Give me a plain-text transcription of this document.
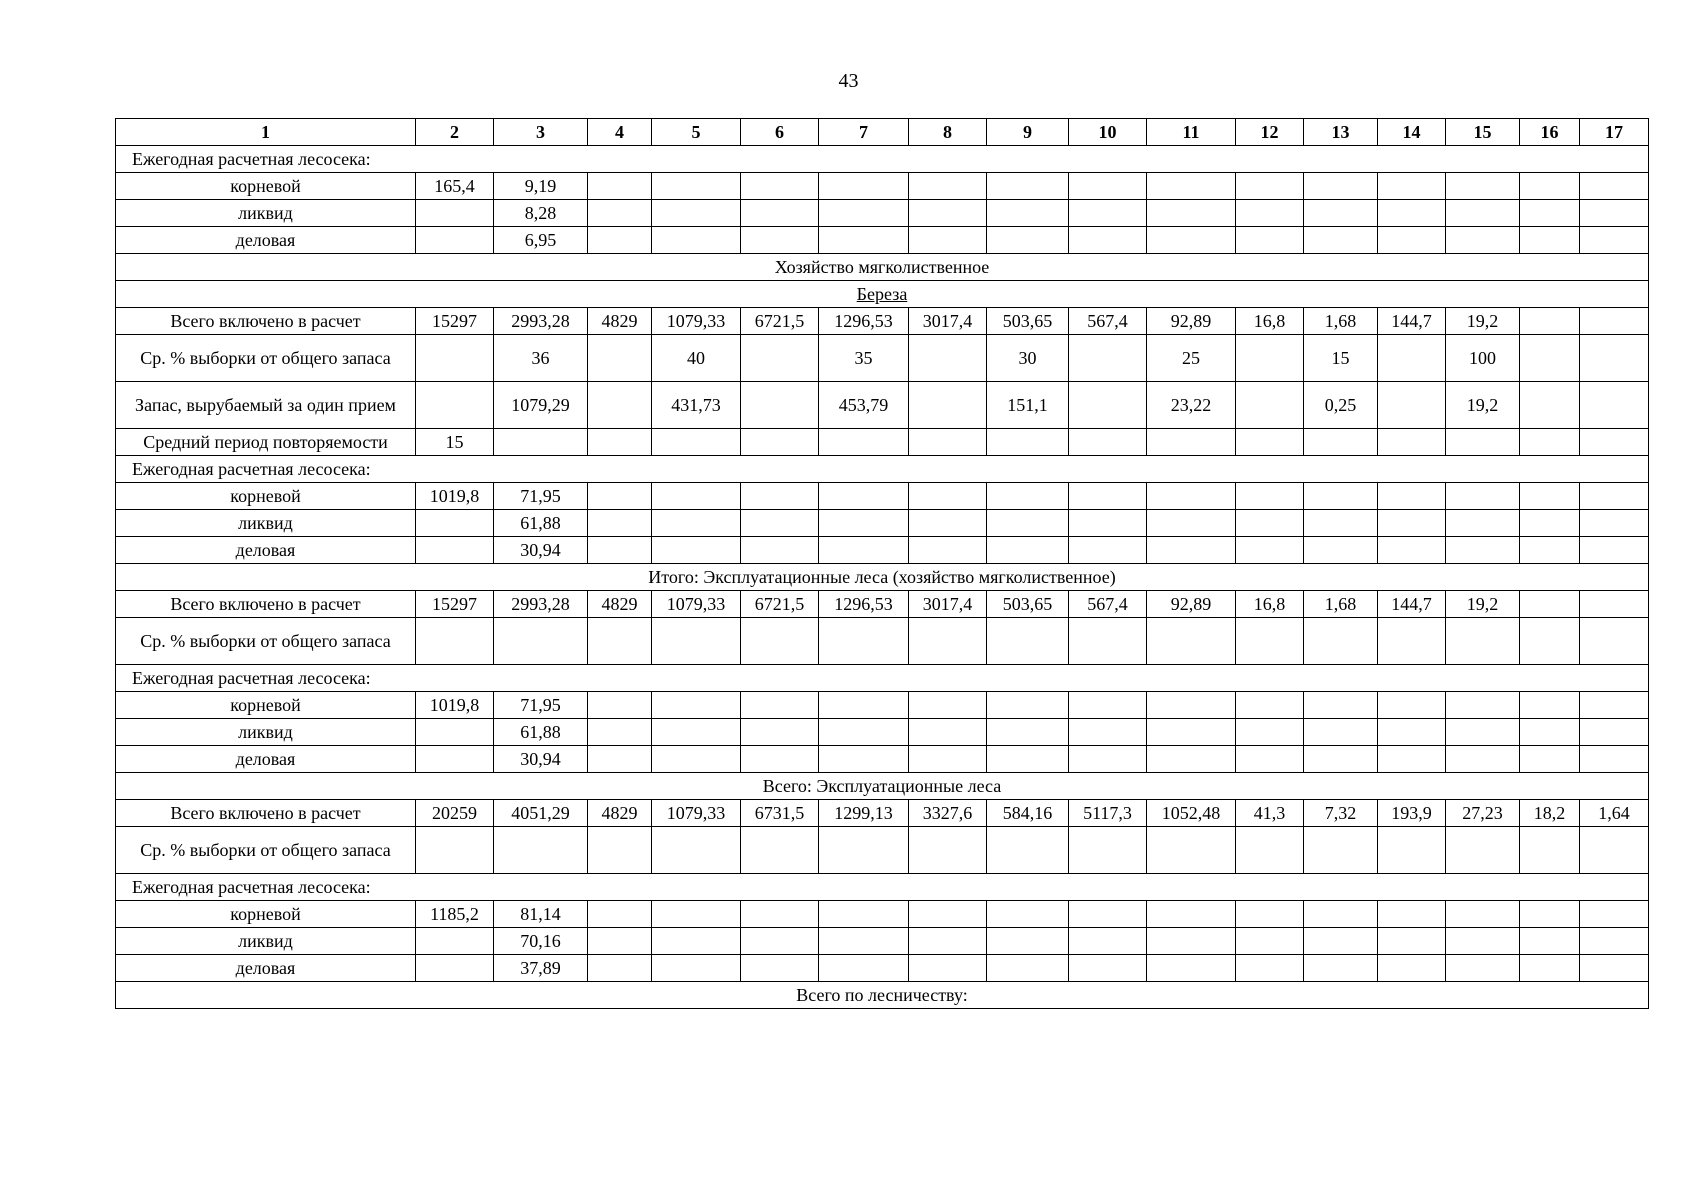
43
1	2	3	4	5	6	7	8	9	10	11	12	13	14	15	16	17
Ежегодная расчетная лесосека:																
корневой	165,4	9,19														
ликвид		8,28														
деловая		6,95														
Хозяйство мягколиственное																
Береза																
Всего включено в расчет	15297	2993,28	4829	1079,33	6721,5	1296,53	3017,4	503,65	567,4	92,89	16,8	1,68	144,7	19,2		
Ср. % выборки от общего запаса		36		40		35		30		25		15		100		
Запас, вырубаемый за один прием		1079,29		431,73		453,79		151,1		23,22		0,25		19,2		
Средний период повторяемости	15															
Ежегодная расчетная лесосека:																
корневой	1019,8	71,95														
ликвид		61,88														
деловая		30,94														
Итого: Эксплуатационные леса (хозяйство мягколиственное)																
Всего включено в расчет	15297	2993,28	4829	1079,33	6721,5	1296,53	3017,4	503,65	567,4	92,89	16,8	1,68	144,7	19,2		
Ср. % выборки от общего запаса																
Ежегодная расчетная лесосека:																
корневой	1019,8	71,95														
ликвид		61,88														
деловая		30,94														
Всего: Эксплуатационные леса																
Всего включено в расчет	20259	4051,29	4829	1079,33	6731,5	1299,13	3327,6	584,16	5117,3	1052,48	41,3	7,32	193,9	27,23	18,2	1,64
Ср. % выборки от общего запаса																
Ежегодная расчетная лесосека:																
корневой	1185,2	81,14														
ликвид		70,16														
деловая		37,89														
Всего по лесничеству:																
